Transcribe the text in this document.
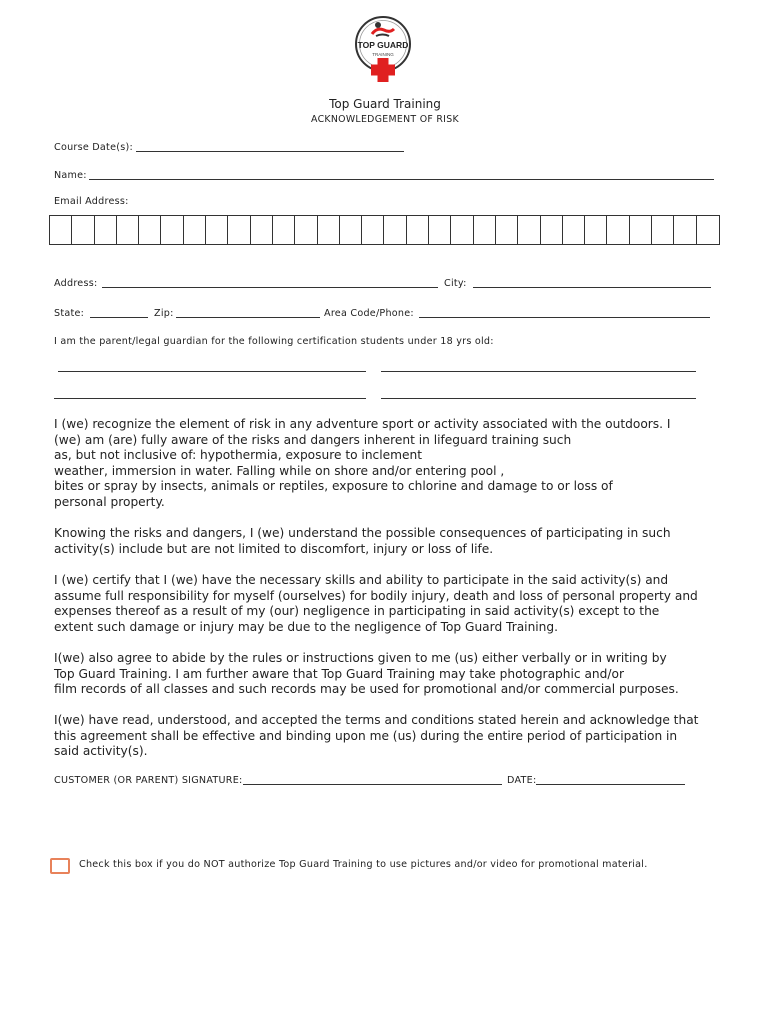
TOP GUARD
TRAINING
Top Guard Training
ACKNOWLEDGEMENT OF RISK
Course Date(s):
Name:
Email Address:
Address:	City:
State:	Zip:	Area Code/Phone:
I am the parent/legal guardian for the following certification students under 18 yrs old:
I (we) recognize the element of risk in any adventure sport or activity associated with the outdoors. I
(we) am (are) fully aware of the risks and dangers inherent in lifeguard training such
as, but not inclusive of: hypothermia, exposure to inclement
weather, immersion in water. Falling while on shore and/or entering pool ,
bites or spray by insects, animals or reptiles, exposure to chlorine and damage to or loss of
personal property.
Knowing the risks and dangers, I (we) understand the possible consequences of participating in such
activity(s) include but are not limited to discomfort, injury or loss of life.
I (we) certify that I (we) have the necessary skills and ability to participate in the said activity(s) and
assume full responsibility for myself (ourselves) for bodily injury, death and loss of personal property and
expenses thereof as a result of my (our) negligence in participating in said activity(s) except to the
extent such damage or injury may be due to the negligence of Top Guard Training.
I(we) also agree to abide by the rules or instructions given to me (us) either verbally or in writing by
Top Guard Training. I am further aware that Top Guard Training may take photographic and/or
film records of all classes and such records may be used for promotional and/or commercial purposes.
I(we) have read, understood, and accepted the terms and conditions stated herein and acknowledge that
this agreement shall be effective and binding upon me (us) during the entire period of participation in
said activity(s).
CUSTOMER (OR PARENT) SIGNATURE:	DATE:
Check this box if you do NOT authorize Top Guard Training to use pictures and/or video for promotional material.
